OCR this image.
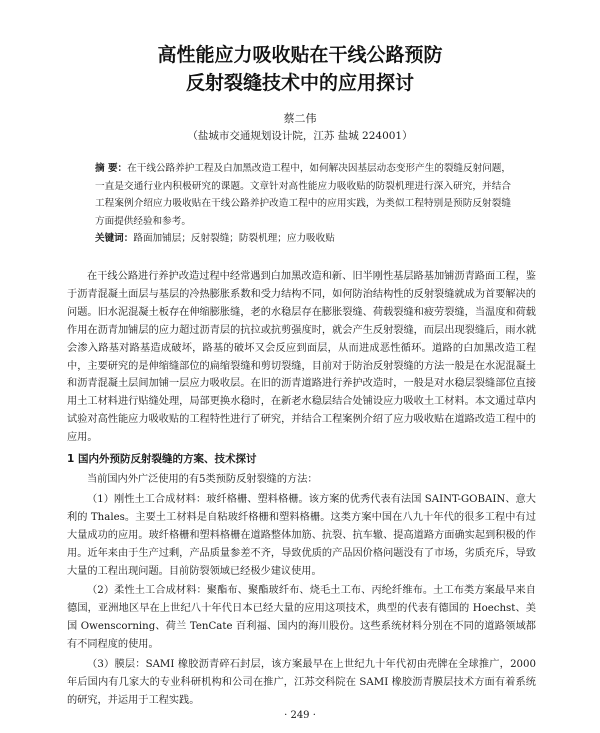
高性能应力吸收贴在干线公路预防
反射裂缝技术中的应用探讨
蔡二伟
（盐城市交通规划设计院，江苏 盐城 224001）

摘 要：在干线公路养护工程及白加黑改造工程中，如何解决因基层动态变形产生的裂缝反射问题，一直是交通行业内积极研究的课题。文章针对高性能应力吸收贴的防裂机理进行深入研究，并结合工程案例介绍应力吸收贴在干线公路养护改造工程中的应用实践，为类似工程特别是预防反射裂缝方面提供经验和参考。

关键词：路面加铺层；反射裂缝；防裂机理；应力吸收贴

在干线公路进行养护改造过程中经常遇到白加黑改造和新、旧半刚性基层路基加铺沥青路面工程，鉴于沥青混凝土面层与基层的冷热膨胀系数和受力结构不同，如何防治结构性的反射裂缝就成为首要解决的问题。旧水泥混凝土板存在伸缩膨胀缝，老的水稳层存在膨胀裂缝、荷载裂缝和疲劳裂缝，当温度和荷载作用在沥青加铺层的应力超过沥青层的抗拉或抗剪强度时，就会产生反射裂缝，而层出现裂缝后，雨水就会渗入路基对路基造成破坏，路基的破坏又会反应到面层，从而进成恶性循环。道路的白加黑改造工程中，主要研究的是伸缩缝部位的扁缩裂缝和剪切裂缝，目前对于防治反射裂缝的方法一般是在水泥混凝土和沥青混凝土层间加铺一层应力吸收层。在旧的沥青道路进行养护改造时，一般是对水稳层裂缝部位直接用土工材料进行贴缝处理，局部更换水稳时，在新老水稳层结合处铺设应力吸收土工材料。本文通过草内试验对高性能应力吸收贴的工程特性进行了研究，并结合工程案例介绍了应力吸收贴在道路改造工程中的应用。

1 国内外预防反射裂缝的方案、技术探讨

当前国内外广泛使用的有5类预防反射裂缝的方法：

（1）刚性土工合成材料：玻纤格栅、塑料格栅。该方案的优秀代表有法国 SAINT-GOBAIN、意大利的 Thales。主要土工材料是自粘玻纤格栅和塑料格栅。这类方案中国在八九十年代的很多工程中有过大量成功的应用。玻纤格栅和塑料格栅在道路整体加筋、抗裂、抗车辙、提高道路方面确实起到积极的作用。近年来由于生产过剩，产品质量参差不齐，导致优质的产品因价格问题没有了市场，劣质充斥，导致大量的工程出现问题。目前防裂领域已经极少建议使用。

（2）柔性土工合成材料：聚酯布、聚酯玻纤布、烧毛土工布、丙纶纤维布。土工布类方案最早来自德国，亚洲地区早在上世纪八十年代日本已经大量的应用这项技术，典型的代表有德国的 Hoechst、美国 Owenscorning、荷兰 TenCate 百利福、国内的海川股份。这些系统材料分别在不同的道路领域都有不同程度的使用。

（3）膜层：SAMI 橡胶沥青碎石封层，该方案最早在上世纪九十年代初由壳牌在全球推广，2000年后国内有几家大的专业科研机构和公司在推广，江苏交科院在 SAMI 橡胶沥青膜层技术方面有着系统的研究，并运用于工程实践。

· 249 ·
